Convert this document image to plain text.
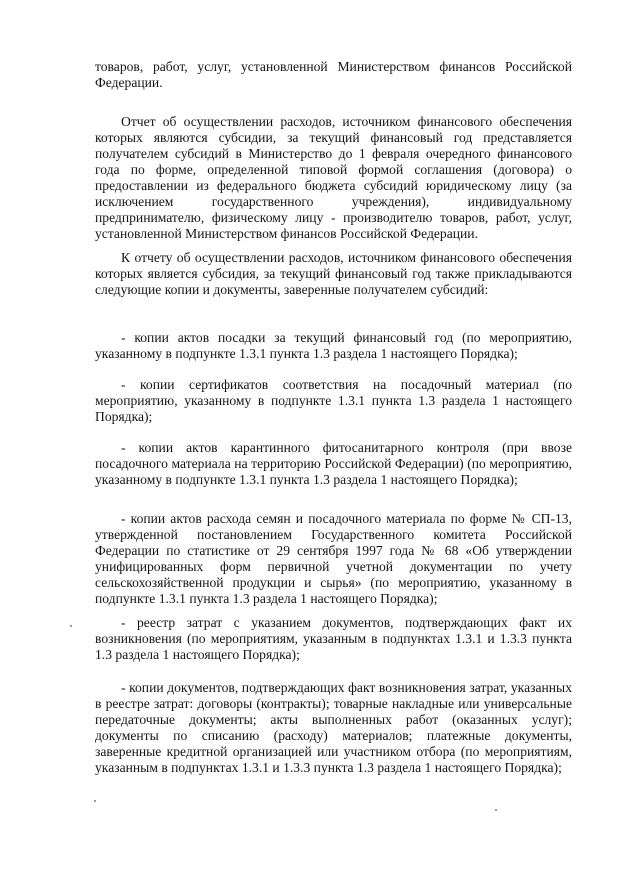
товаров, работ, услуг, установленной Министерством финансов Российской Федерации.

Отчет об осуществлении расходов, источником финансового обеспечения которых являются субсидии, за текущий финансовый год представляется получателем субсидий в Министерство до 1 февраля очередного финансового года по форме, определенной типовой формой соглашения (договора) о предоставлении из федерального бюджета субсидий юридическому лицу (за исключением государственного учреждения), индивидуальному предпринимателю, физическому лицу - производителю товаров, работ, услуг, установленной Министерством финансов Российской Федерации.

К отчету об осуществлении расходов, источником финансового обеспечения которых является субсидия, за текущий финансовый год также прикладываются следующие копии и документы, заверенные получателем субсидий:

- копии актов посадки за текущий финансовый год (по мероприятию, указанному в подпункте 1.3.1 пункта 1.3 раздела 1 настоящего Порядка);

- копии сертификатов соответствия на посадочный материал (по мероприятию, указанному в подпункте 1.3.1 пункта 1.3 раздела 1 настоящего Порядка);

- копии актов карантинного фитосанитарного контроля (при ввозе посадочного материала на территорию Российской Федерации) (по мероприятию, указанному в подпункте 1.3.1 пункта 1.3 раздела 1 настоящего Порядка);

- копии актов расхода семян и посадочного материала по форме № СП-13, утвержденной постановлением Государственного комитета Российской Федерации по статистике от 29 сентября 1997 года № 68 «Об утверждении унифицированных форм первичной учетной документации по учету сельскохозяйственной продукции и сырья» (по мероприятию, указанному в подпункте 1.3.1 пункта 1.3 раздела 1 настоящего Порядка);

- реестр затрат с указанием документов, подтверждающих факт их возникновения (по мероприятиям, указанным в подпунктах 1.3.1 и 1.3.3 пункта 1.3 раздела 1 настоящего Порядка);

- копии документов, подтверждающих факт возникновения затрат, указанных в реестре затрат: договоры (контракты); товарные накладные или универсальные передаточные документы; акты выполненных работ (оказанных услуг); документы по списанию (расходу) материалов; платежные документы, заверенные кредитной организацией или участником отбора (по мероприятиям, указанным в подпунктах 1.3.1 и 1.3.3 пункта 1.3 раздела 1 настоящего Порядка);
